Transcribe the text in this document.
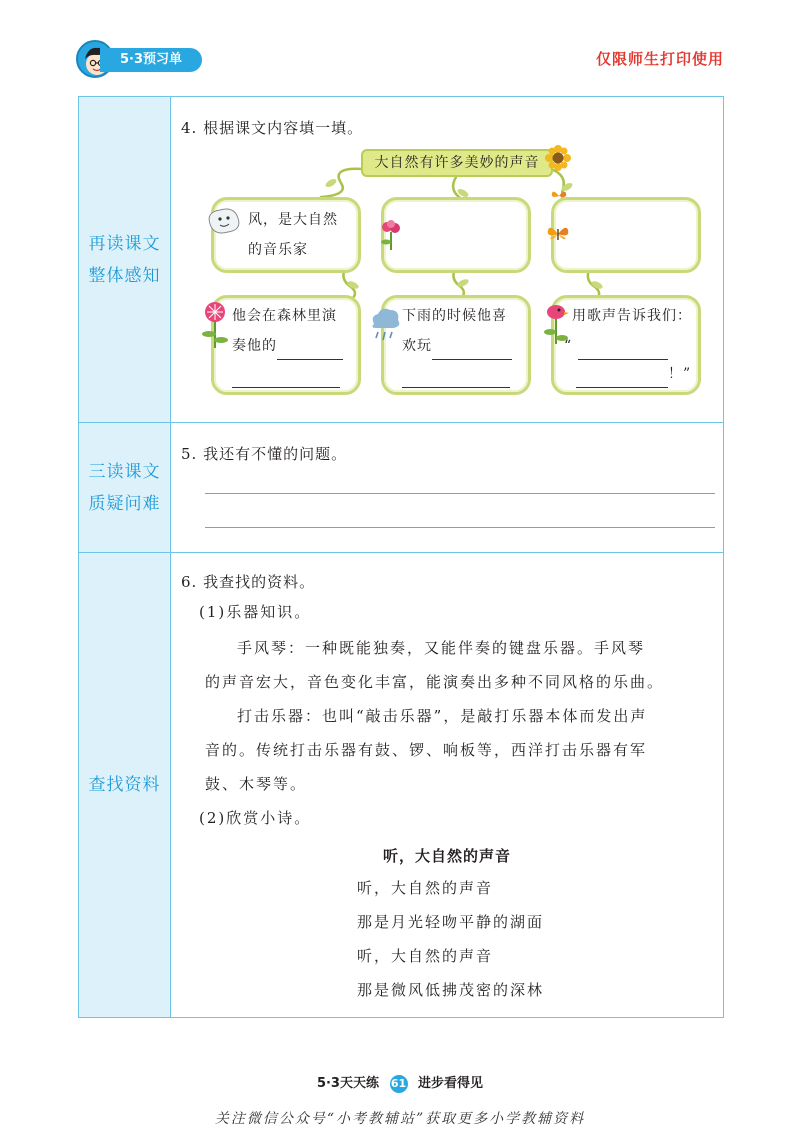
5·3预习单	仅限师生打印使用
再读课文
整体感知
4. 根据课文内容填一填。
大自然有许多美妙的声音
风，是大自然
的音乐家
他会在森林里演
奏他的
下雨的时候他喜
欢玩
用歌声告诉我们：
“
！”
三读课文
质疑问难
5. 我还有不懂的问题。
查找资料
6. 我查找的资料。
(1)乐器知识。
手风琴：一种既能独奏，又能伴奏的键盘乐器。手风琴
的声音宏大，音色变化丰富，能演奏出多种不同风格的乐曲。
打击乐器：也叫“敲击乐器”，是敲打乐器本体而发出声
音的。传统打击乐器有鼓、锣、响板等，西洋打击乐器有军
鼓、木琴等。
(2)欣赏小诗。
听，大自然的声音
听，大自然的声音
那是月光轻吻平静的湖面
听，大自然的声音
那是微风低拂茂密的深林
5·3天天练 61 进步看得见
关注微信公众号“小考教辅站”获取更多小学教辅资料
